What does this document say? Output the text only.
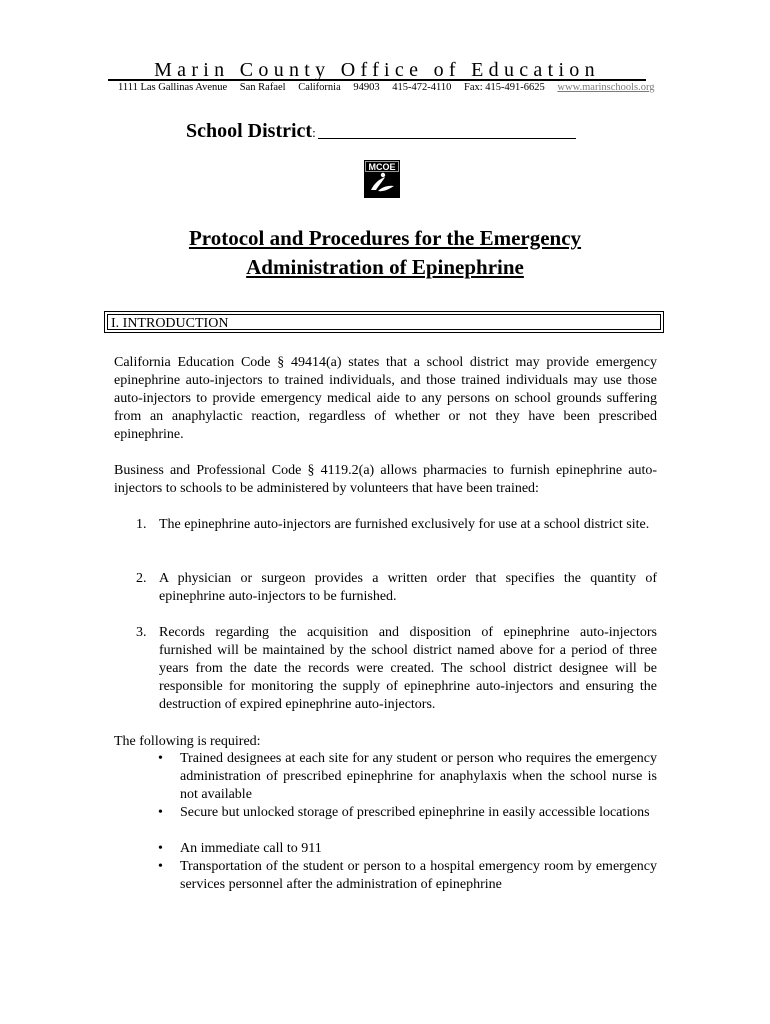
Marin County Office of Education
1111 Las Gallinas Avenue San Rafael California 94903 415-472-4110 Fax: 415-491-6625 www.marinschools.org
School District:
MCOE
Protocol and Procedures for the Emergency
Administration of Epinephrine
I. INTRODUCTION
California Education Code § 49414(a) states that a school district may provide emergency epinephrine auto-injectors to trained individuals, and those trained individuals may use those auto-injectors to provide emergency medical aide to any persons on school grounds suffering from an anaphylactic reaction, regardless of whether or not they have been prescribed epinephrine.
Business and Professional Code § 4119.2(a) allows pharmacies to furnish epinephrine auto-injectors to schools to be administered by volunteers that have been trained:
1. The epinephrine auto-injectors are furnished exclusively for use at a school district site.
2. A physician or surgeon provides a written order that specifies the quantity of epinephrine auto-injectors to be furnished.
3. Records regarding the acquisition and disposition of epinephrine auto-injectors furnished will be maintained by the school district named above for a period of three years from the date the records were created. The school district designee will be responsible for monitoring the supply of epinephrine auto-injectors and ensuring the destruction of expired epinephrine auto-injectors.
The following is required:
• Trained designees at each site for any student or person who requires the emergency administration of prescribed epinephrine for anaphylaxis when the school nurse is not available
• Secure but unlocked storage of prescribed epinephrine in easily accessible locations
• An immediate call to 911
• Transportation of the student or person to a hospital emergency room by emergency services personnel after the administration of epinephrine
